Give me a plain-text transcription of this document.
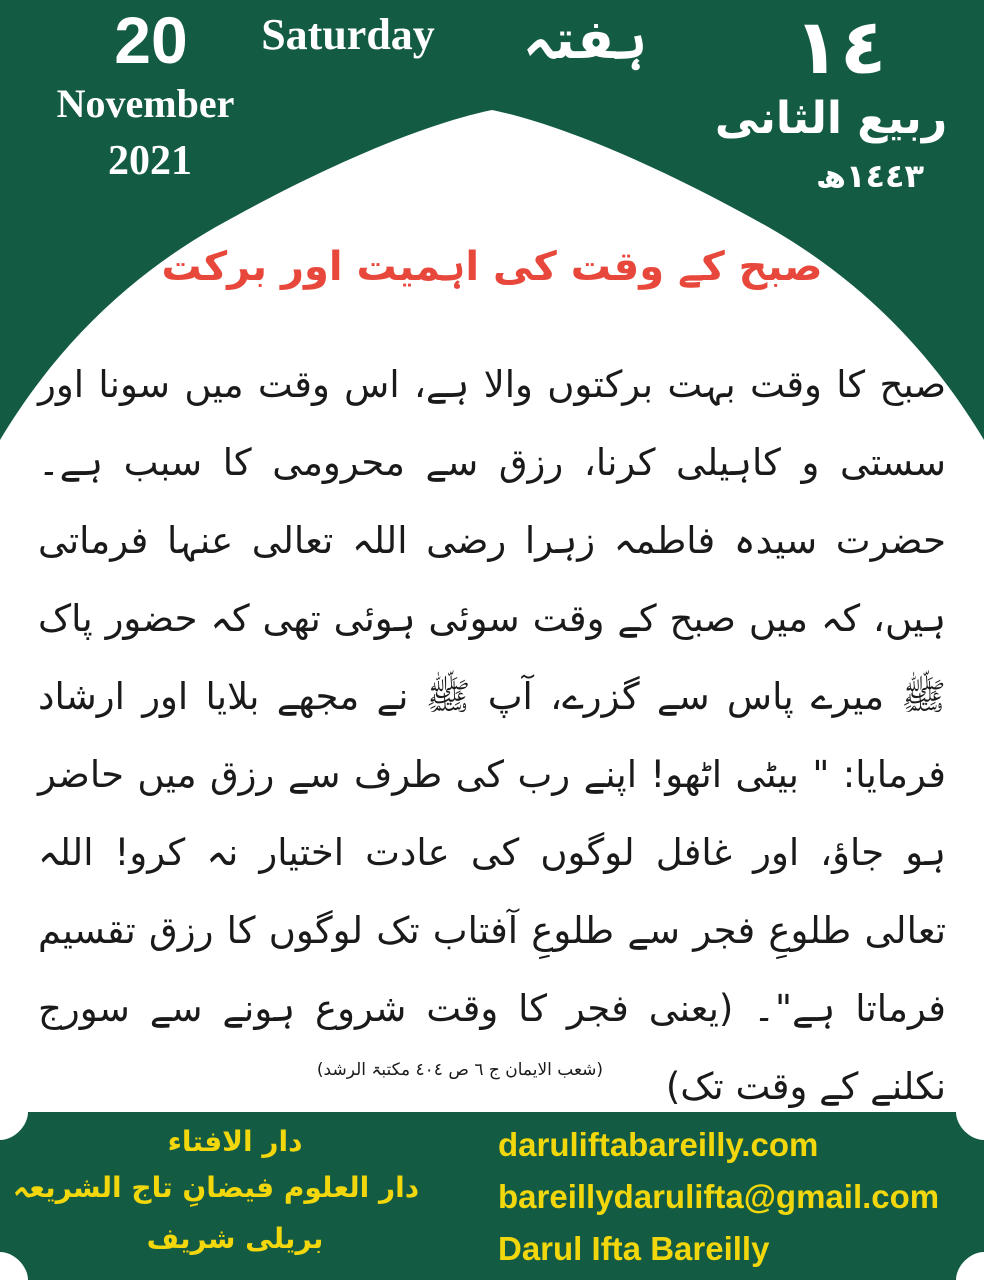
20
November
2021
Saturday	ہفتہ	١٤
ربیع الثانی
١٤٤٣ھ
صبح کے وقت کی اہمیت اور برکت
صبح کا وقت بہت برکتوں والا ہے، اس وقت میں سونا اور سستی و کاہیلی کرنا، رزق سے محرومی کا سبب ہے۔ حضرت سیدہ فاطمہ زہرا رضی اللہ تعالی عنہا فرماتی ہیں، کہ میں صبح کے وقت سوئی ہوئی تھی کہ حضور پاک ﷺ میرے پاس سے گزرے، آپ ﷺ نے مجھے بلایا اور ارشاد فرمایا: " بیٹی اٹھو! اپنے رب کی طرف سے رزق میں حاضر ہو جاؤ، اور غافل لوگوں کی عادت اختیار نہ کرو! اللہ تعالی طلوعِ فجر سے طلوعِ آفتاب تک لوگوں کا رزق تقسیم فرماتا ہے"۔ (یعنی فجر کا وقت شروع ہونے سے سورج نکلنے کے وقت تک)
(شعب الایمان ج ٦ ص ٤٠٤ مکتبۃ الرشد)
دار الافتاء
دار العلوم فیضانِ تاج الشریعہ
بریلی شریف
daruliftabareilly.com
bareillydarulifta@gmail.com
Darul Ifta Bareilly
